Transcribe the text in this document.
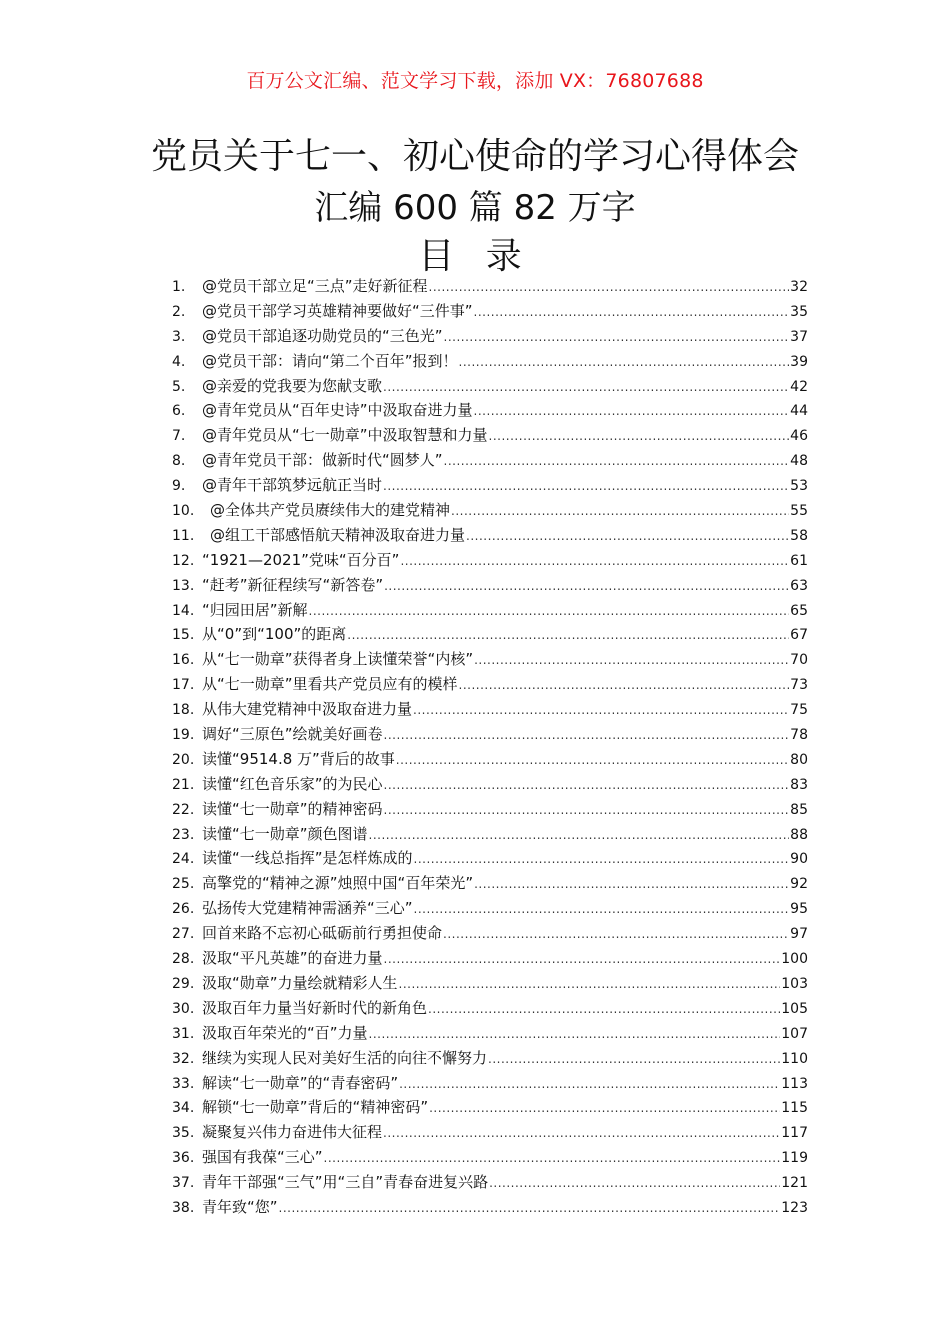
百万公文汇编、范文学习下载，添加 VX：76807688
党员关于七一、初心使命的学习心得体会
汇编 600 篇 82 万字
目 录
1.	@党员干部立足“三点”走好新征程 .....	32
2.	@党员干部学习英雄精神要做好“三件事” .....	35
3.	@党员干部追逐功勋党员的“三色光” .....	37
4.	@党员干部：请向“第二个百年”报到！ .....	39
5.	@亲爱的党我要为您献支歌 .....	42
6.	@青年党员从“百年史诗”中汲取奋进力量 .....	44
7.	@青年党员从“七一勋章”中汲取智慧和力量 .....	46
8.	@青年党员干部：做新时代“圆梦人” .....	48
9.	@青年干部筑梦远航正当时 .....	53
10.	@全体共产党员赓续伟大的建党精神 .....	55
11.	@组工干部感悟航天精神汲取奋进力量 .....	58
12. “1921—2021”党味“百分百” .....	61
13. “赶考”新征程续写“新答卷” .....	63
14. “归园田居”新解 .....	65
15. 从“0”到“100”的距离 .....	67
16. 从“七一勋章”获得者身上读懂荣誉“内核” .....	70
17. 从“七一勋章”里看共产党员应有的模样 .....	73
18. 从伟大建党精神中汲取奋进力量 .....	75
19. 调好“三原色”绘就美好画卷 .....	78
20. 读懂“9514.8 万”背后的故事 .....	80
21. 读懂“红色音乐家”的为民心 .....	83
22. 读懂“七一勋章”的精神密码 .....	85
23. 读懂“七一勋章”颜色图谱 .....	88
24. 读懂“一线总指挥”是怎样炼成的 .....	90
25. 高擎党的“精神之源”烛照中国“百年荣光” .....	92
26. 弘扬传大党建精神需涵养“三心” .....	95
27. 回首来路不忘初心砥砺前行勇担使命 .....	97
28. 汲取“平凡英雄”的奋进力量 .....	100
29. 汲取“勋章”力量绘就精彩人生 .....	103
30. 汲取百年力量当好新时代的新角色 .....	105
31. 汲取百年荣光的“百”力量 .....	107
32. 继续为实现人民对美好生活的向往不懈努力 .....	110
33. 解读“七一勋章”的“青春密码” .....	113
34. 解锁“七一勋章”背后的“精神密码” .....	115
35. 凝聚复兴伟力奋进伟大征程 .....	117
36. 强国有我葆“三心” .....	119
37. 青年干部强“三气”用“三自”青春奋进复兴路 .....	121
38. 青年致“您” .....	123
